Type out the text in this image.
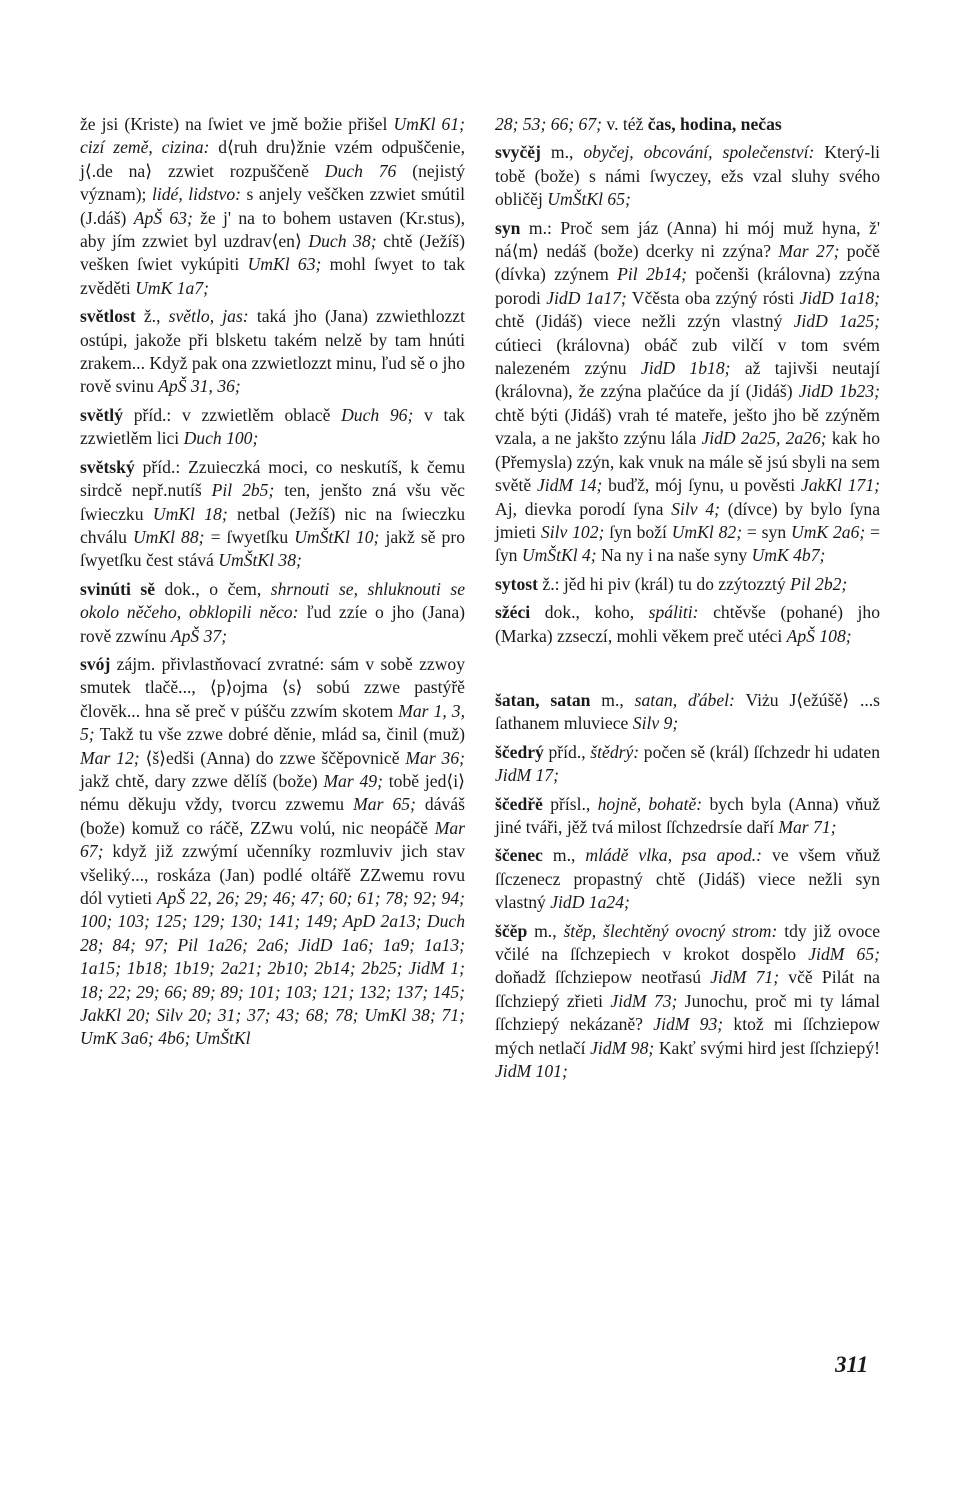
že jsi (Kriste) na ſwiet ve jmě božie přišel UmKl 61; cizí země, cizina: d⟨ruh dru⟩žnie vzém odpuščenie, j⟨.de na⟩ zzwiet rozpuščeně Duch 76 (nejistý význam); lidé, lidstvo: s anjely veščken zzwiet smútil (J.dáš) ApŠ 63; že j' na to bohem ustaven (Kr.stus), aby jím zzwiet byl uzdrav⟨en⟩ Duch 38; chtě (Ježíš) vešken ſwiet vykúpiti UmKl 63; mohl ſwyet to tak zvěděti UmK 1a7;

světlost ž., světlo, jas: taká jho (Jana) zzwiethlozzt ostúpi, jakože při blsketu takém nelzě by tam hnúti zrakem... Když pak ona zzwietlozzt minu, ľud sě o jho rově svinu ApŠ 31, 36;

světlý příd.: v zzwietlěm oblacě Duch 96; v tak zzwietlěm lici Duch 100;

světský příd.: Zzuieczká moci, co neskutíš, k čemu sirdcě nepř.nutíš Pil 2b5; ten, jenšto zná všu věc ſwieczku UmKl 18; netbal (Ježíš) nic na ſwieczku chválu UmKl 88; = ſwyetſku UmŠtKl 10; jakž sě pro ſwyetſku čest stává UmŠtKl 38;

svinúti sě dok., o čem, shrnouti se, shluknouti se okolo něčeho, obklopili něco: ľud zzíe o jho (Jana) rově zzwínu ApŠ 37;

svój zájm. přivlastňovací zvratné: sám v sobě zzwoy smutek tlačě..., ⟨p⟩ojma ⟨s⟩ sobú zzwe pastýřě človĕk... hna sě preč v púšču zzwím skotem Mar 1, 3, 5; Takž tu vše zzwe dobré děnie, mlád sa, činil (muž) Mar 12; ⟨š⟩edši (Anna) do zzwe ščěpovnicě Mar 36; jakž chtě, dary zzwe dělíš (bože) Mar 49; tobě jed⟨i⟩nému děkuju vždy, tvorcu zzwemu Mar 65; dáváš (bože) komuž co ráčě, ZZwu volú, nic neopáčě Mar 67; když již zzwýmí učenníky rozmluviv jich stav všeliký..., roskáza (Jan) podlé oltářě ZZwemu rovu dól vytieti ApŠ 22, 26; 29; 46; 47; 60; 61; 78; 92; 94; 100; 103; 125; 129; 130; 141; 149; ApD 2a13; Duch 28; 84; 97; Pil 1a26; 2a6; JidD 1a6; 1a9; 1a13; 1a15; 1b18; 1b19; 2a21; 2b10; 2b14; 2b25; JidM 1; 18; 22; 29; 66; 89; 89; 101; 103; 121; 132; 137; 145; JakKl 20; Silv 20; 31; 37; 43; 68; 78; UmKl 38; 71; UmK 3a6; 4b6; UmŠtKl

28; 53; 66; 67; v. též čas, hodina, nečas

svyčěj m., obyčej, obcování, společenství: Který-li tobě (bože) s námi ſwyczey, ežs vzal sluhy svého obličěj UmŠtKl 65;

syn m.: Proč sem jáz (Anna) hi mój muž hyna, ž' ná⟨m⟩ nedáš (bože) dcerky ni zzýna? Mar 27; počě (dívka) zzýnem Pil 2b14; počenši (královna) zzýna porodi JidD 1a17; Včěsta oba zzýný rósti JidD 1a18; chtě (Jidáš) viece nežli zzýn vlastný JidD 1a25; cútieci (královna) obáč zub vilčí v tom svém nalezeném zzýnu JidD 1b18; až tajivši neutají (královna), že zzýna plačúce da jí (Jidáš) JidD 1b23; chtě býti (Jidáš) vrah té mateře, ješto jho bě zzýněm vzala, a ne jakšto zzýnu lála JidD 2a25, 2a26; kak ho (Přemysla) zzýn, kak vnuk na mále sě jsú sbyli na sem světě JidM 14; buďž, mój ſynu, u pověsti JakKl 171; Aj, dievka porodí ſyna Silv 4; (dívce) by bylo ſyna jmieti Silv 102; ſyn boží UmKl 82; = syn UmK 2a6; = ſyn UmŠtKl 4; Na ny i na naše syny UmK 4b7;

sytost ž.: jěd hi piv (král) tu do zzýtozztý Pil 2b2;

sžéci dok., koho, spáliti: chtěvše (pohané) jho (Marka) zzseczí, mohli věkem preč utéci ApŠ 108;

šatan, satan m., satan, ďábel: Viżu J⟨ežúšě⟩ ...s ſathanem mluviece Silv 9;

ščedrý příd., štědrý: počen sě (král) ſſchzedr hi udaten JidM 17;

ščedřě přísl., hojně, bohatě: bych byla (Anna) vňuž jiné tváři, jěž tvá milost ſſchzedrsíe daří Mar 71;

ščenec m., mládě vlka, psa apod.: ve všem vňuž ſſczenecz propastný chtě (Jidáš) viece nežli syn vlastný JidD 1a24;

ščěp m., štěp, šlechtěný ovocný strom: tdy již ovoce včilé na ſſchzepiech v krokot dospělo JidM 65; doňadž ſſchziepow neotřasú JidM 71; včě Pilát na ſſchziepý zřieti JidM 73; Junochu, proč mi ty lámal ſſchziepý nekázaně? JidM 93; ktož mi ſſchziepow mých netlačí JidM 98; Kakť svými hird jest ſſchziepý! JidM 101;

311
